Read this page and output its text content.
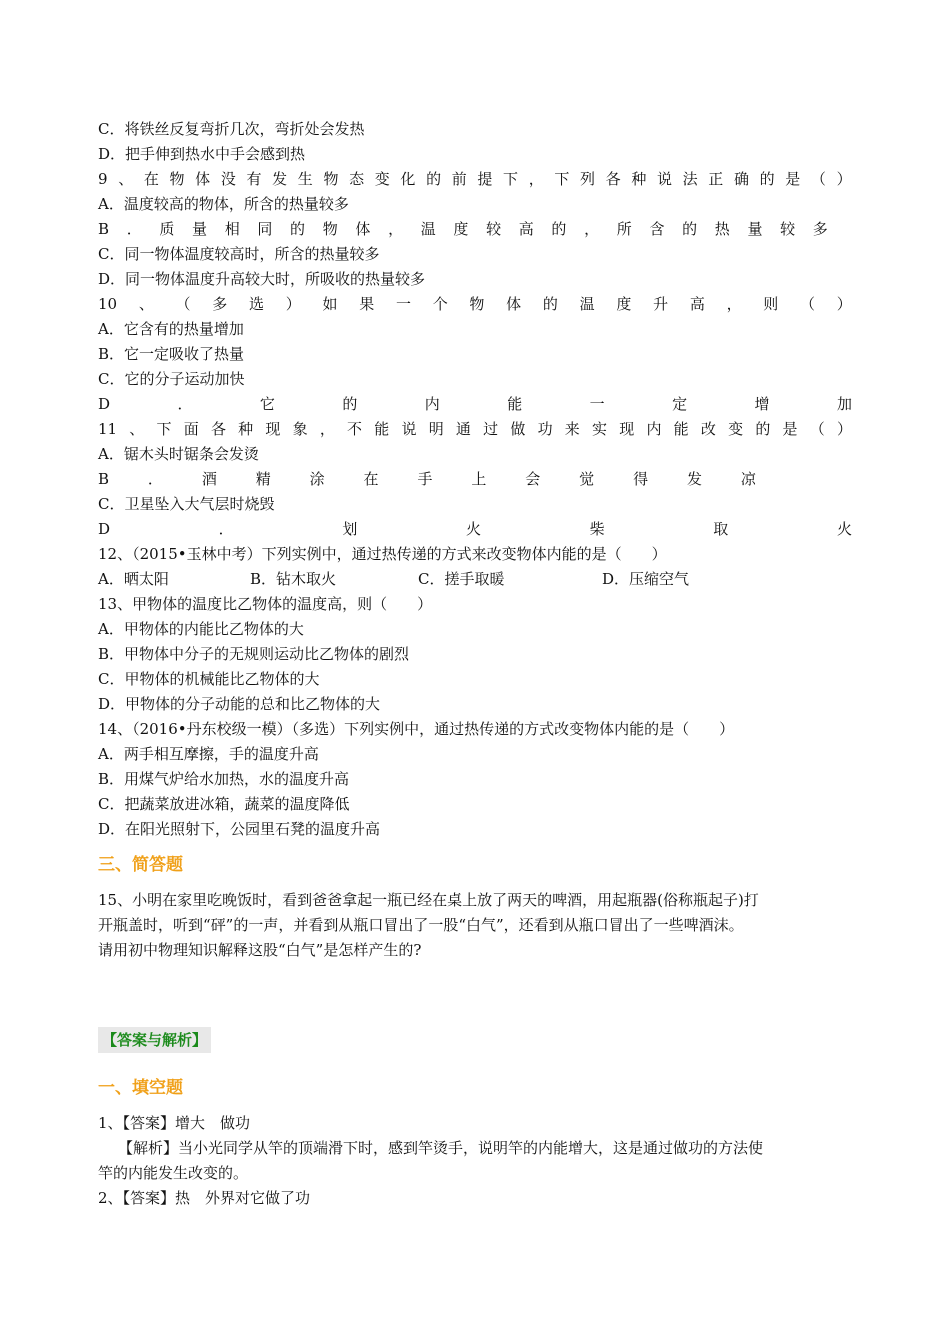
C．将铁丝反复弯折几次，弯折处会发热
D．把手伸到热水中手会感到热
9 、 在 物 体 没 有 发 生 物 态 变 化 的 前 提 下 ， 下 列 各 种 说 法 正 确 的 是 （ ）
A．温度较高的物体，所含的热量较多
B ． 质 量 相 同 的 物 体 ， 温 度 较 高 的 ， 所 含 的 热 量 较 多
C．同一物体温度较高时，所含的热量较多
D．同一物体温度升高较大时，所吸收的热量较多
10 、 （ 多 选 ） 如 果 一 个 物 体 的 温 度 升 高 ， 则 （ ）
A．它含有的热量增加
B．它一定吸收了热量
C．它的分子运动加快
D	．	它	的	内	能	一	定	增	加
11 、 下 面 各 种 现 象 ， 不 能 说 明 通 过 做 功 来 实 现 内 能 改 变 的 是 （ ）
A．锯木头时锯条会发烫
B	．	酒	精	涂	在	手	上	会	觉	得	发	凉
C．卫星坠入大气层时烧毁
D	．	划	火	柴	取	火
12、（2015•玉林中考）下列实例中，通过热传递的方式来改变物体内能的是（　　）
A．晒太阳	B．钻木取火	C．搓手取暖	D．压缩空气
13、甲物体的温度比乙物体的温度高，则（　　）
A．甲物体的内能比乙物体的大
B．甲物体中分子的无规则运动比乙物体的剧烈
C．甲物体的机械能比乙物体的大
D．甲物体的分子动能的总和比乙物体的大
14、（2016•丹东校级一模）（多选）下列实例中，通过热传递的方式改变物体内能的是（　　）
A．两手相互摩擦，手的温度升高
B．用煤气炉给水加热，水的温度升高
C．把蔬菜放进冰箱，蔬菜的温度降低
D．在阳光照射下，公园里石凳的温度升高
三、简答题
15、小明在家里吃晚饭时，看到爸爸拿起一瓶已经在桌上放了两天的啤酒，用起瓶器(俗称瓶起子)打
开瓶盖时，听到“砰”的一声，并看到从瓶口冒出了一股“白气”，还看到从瓶口冒出了一些啤酒沫。
请用初中物理知识解释这股“白气”是怎样产生的?
【答案与解析】
一、填空题
1、【答案】增大　做功
【解析】当小光同学从竿的顶端滑下时，感到竿烫手，说明竿的内能增大，这是通过做功的方法使
竿的内能发生改变的。
2、【答案】热　外界对它做了功
